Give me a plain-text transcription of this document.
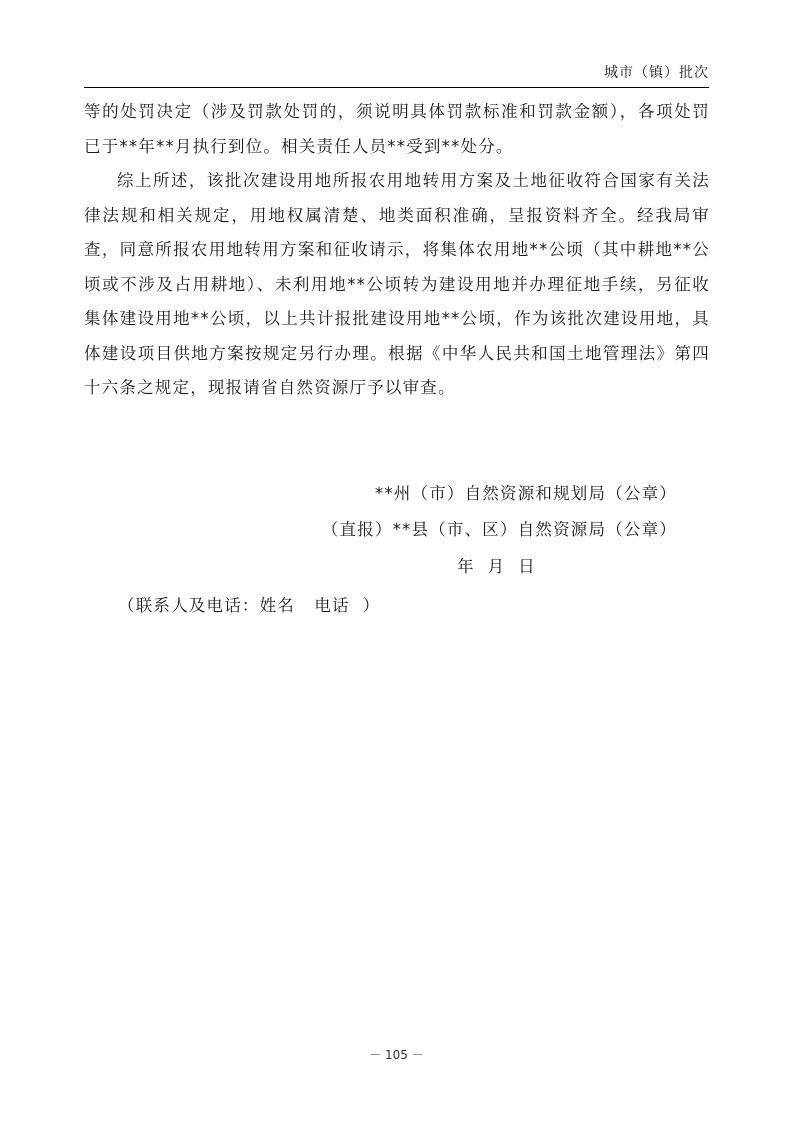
城市（镇）批次

等的处罚决定（涉及罚款处罚的，须说明具体罚款标准和罚款金额），各项处罚已于**年**月执行到位。相关责任人员**受到**处分。

综上所述，该批次建设用地所报农用地转用方案及土地征收符合国家有关法律法规和相关规定，用地权属清楚、地类面积准确，呈报资料齐全。经我局审查，同意所报农用地转用方案和征收请示，将集体农用地**公顷（其中耕地**公顷或不涉及占用耕地）、未利用地**公顷转为建设用地并办理征地手续，另征收集体建设用地**公顷，以上共计报批建设用地**公顷，作为该批次建设用地，具体建设项目供地方案按规定另行办理。根据《中华人民共和国土地管理法》第四十六条之规定，现报请省自然资源厅予以审查。

**州（市）自然资源和规划局（公章）
（直报）**县（市、区）自然资源局（公章）
年  月  日
（联系人及电话：姓名   电话  ）
－ 105 －
